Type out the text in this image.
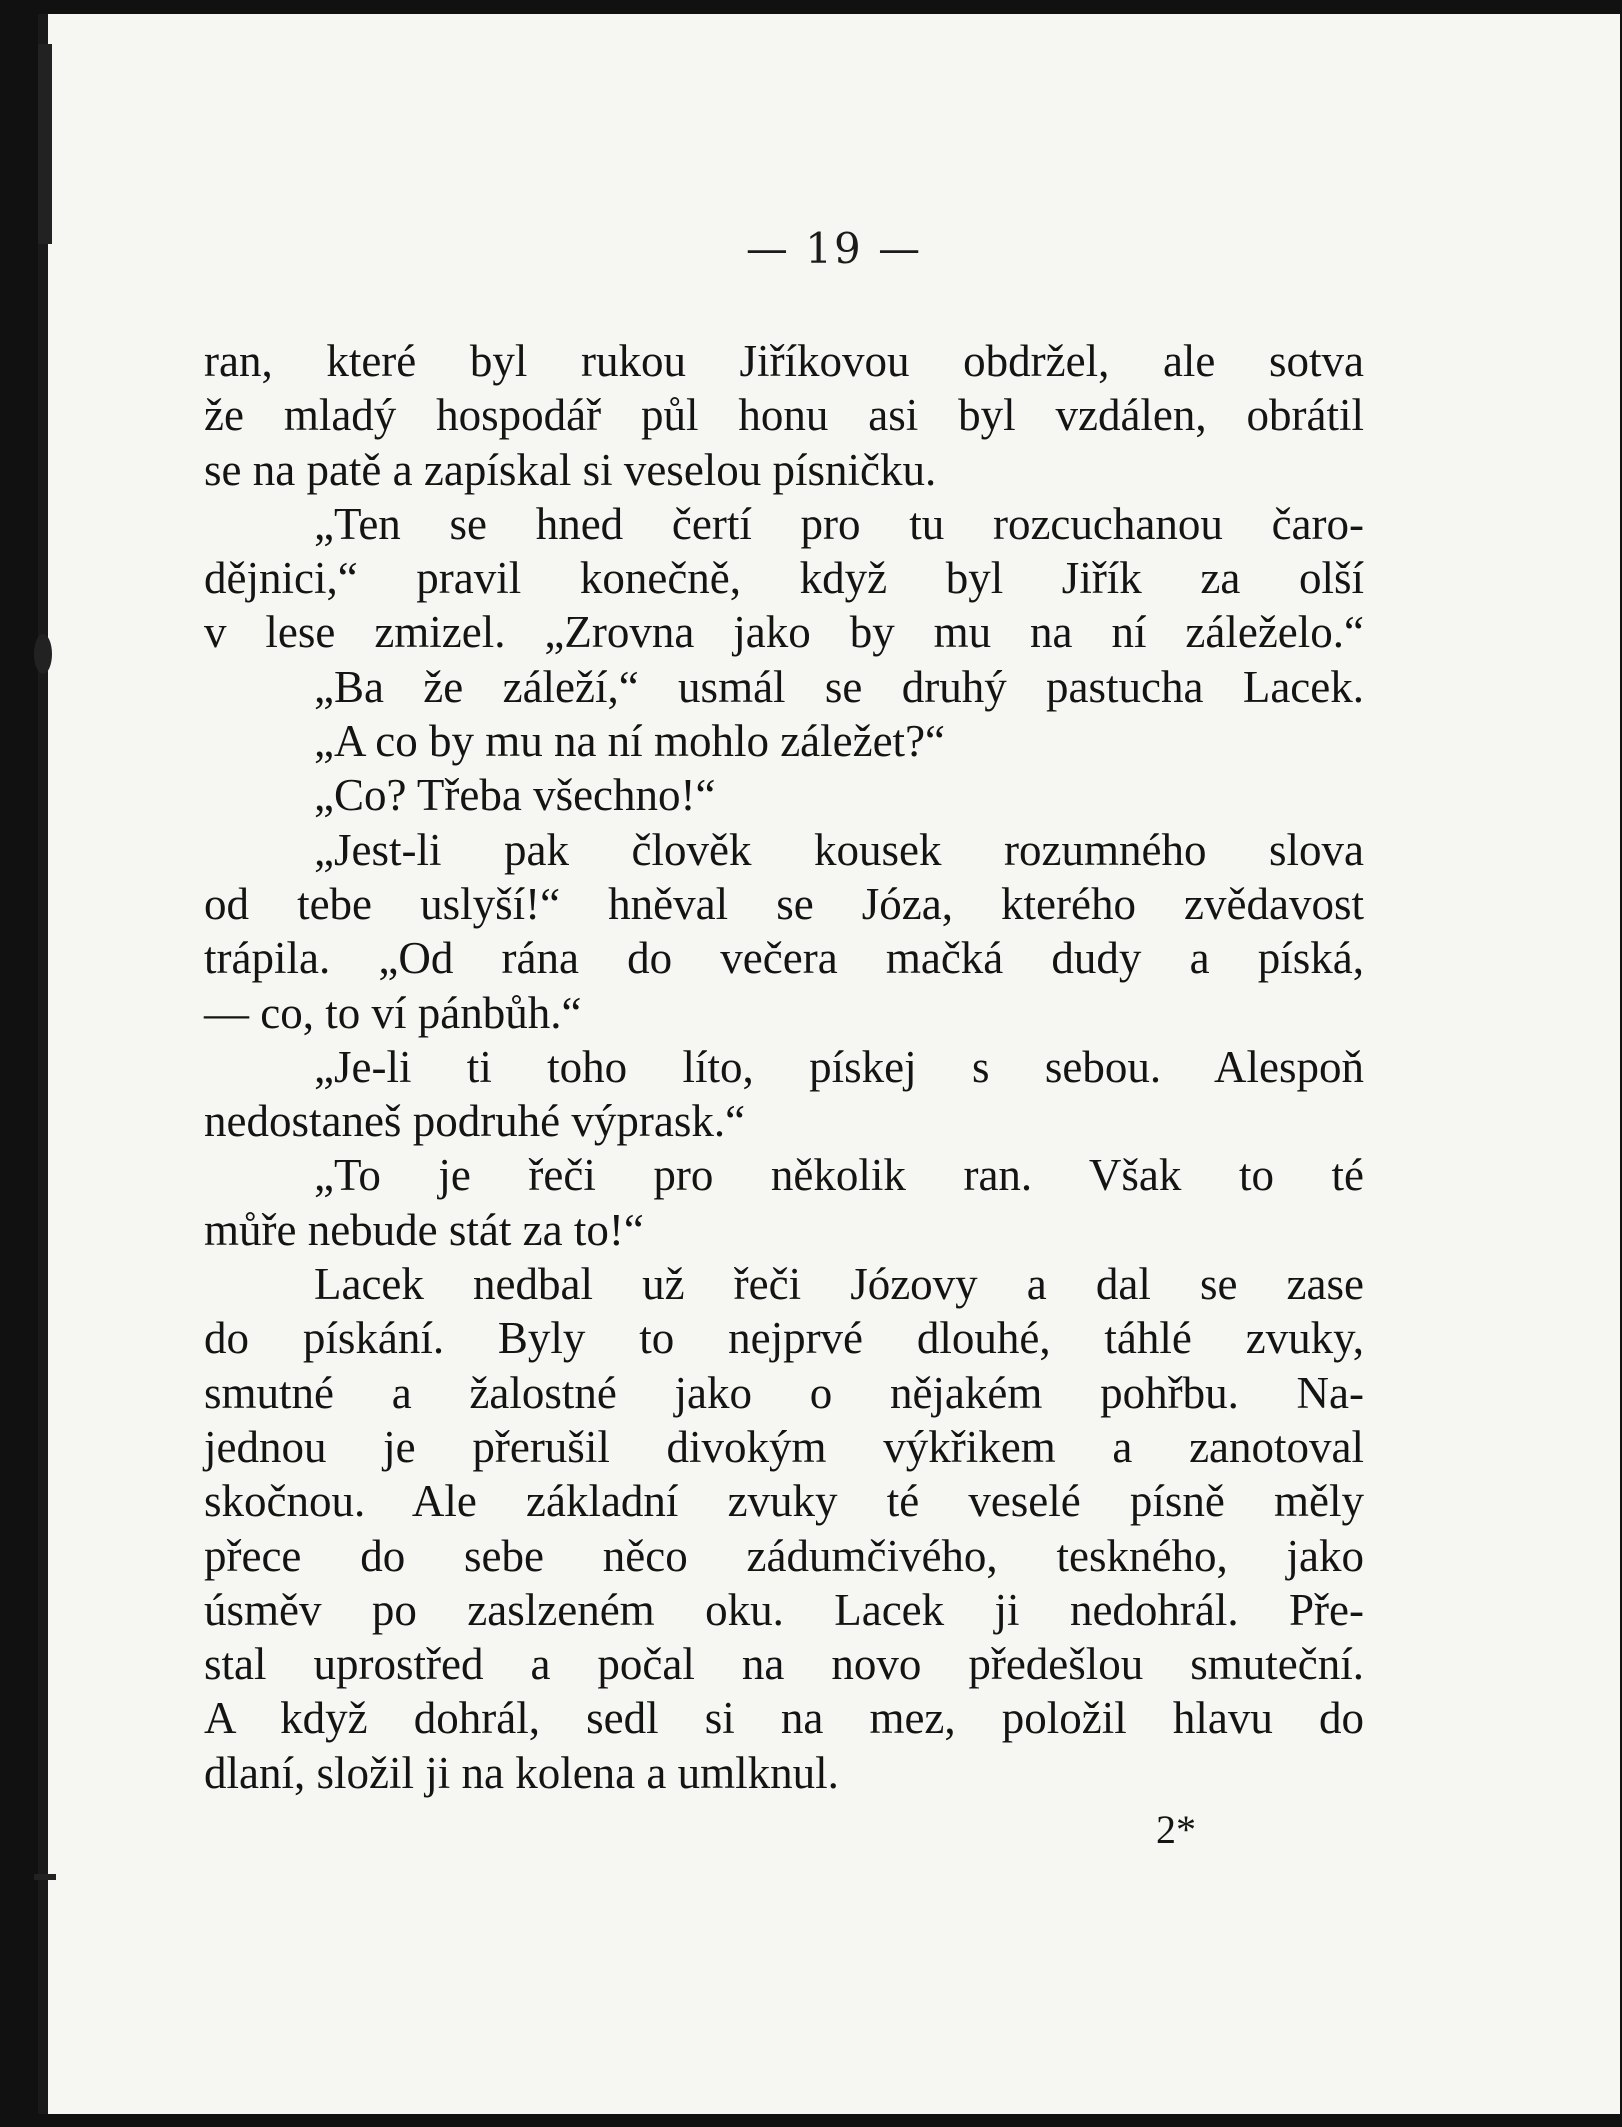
— 19 —
ran, které byl rukou Jiříkovou obdržel, ale sotva
že mladý hospodář půl honu asi byl vzdálen, obrátil
se na patě a zapískal si veselou písničku.
„Ten se hned čertí pro tu rozcuchanou čaro-
dějnici,“ pravil konečně, když byl Jiřík za olší
v lese zmizel. „Zrovna jako by mu na ní záleželo.“
„Ba že záleží,“ usmál se druhý pastucha Lacek.
„A co by mu na ní mohlo záležet?“
„Co? Třeba všechno!“
„Jest-li pak člověk kousek rozumného slova
od tebe uslyší!“ hněval se Józa, kterého zvědavost
trápila. „Od rána do večera mačká dudy a píská,
— co, to ví pánbůh.“
„Je-li ti toho líto, pískej s sebou. Alespoň
nedostaneš podruhé výprask.“
„To je řeči pro několik ran. Však to té
můře nebude stát za to!“
Lacek nedbal už řeči Józovy a dal se zase
do pískání. Byly to nejprvé dlouhé, táhlé zvuky,
smutné a žalostné jako o nějakém pohřbu. Na-
jednou je přerušil divokým výkřikem a zanotoval
skočnou. Ale základní zvuky té veselé písně měly
přece do sebe něco zádumčivého, teskného, jako
úsměv po zaslzeném oku. Lacek ji nedohrál. Pře-
stal uprostřed a počal na novo předešlou smuteční.
A když dohrál, sedl si na mez, položil hlavu do
dlaní, složil ji na kolena a umlknul.
2*
